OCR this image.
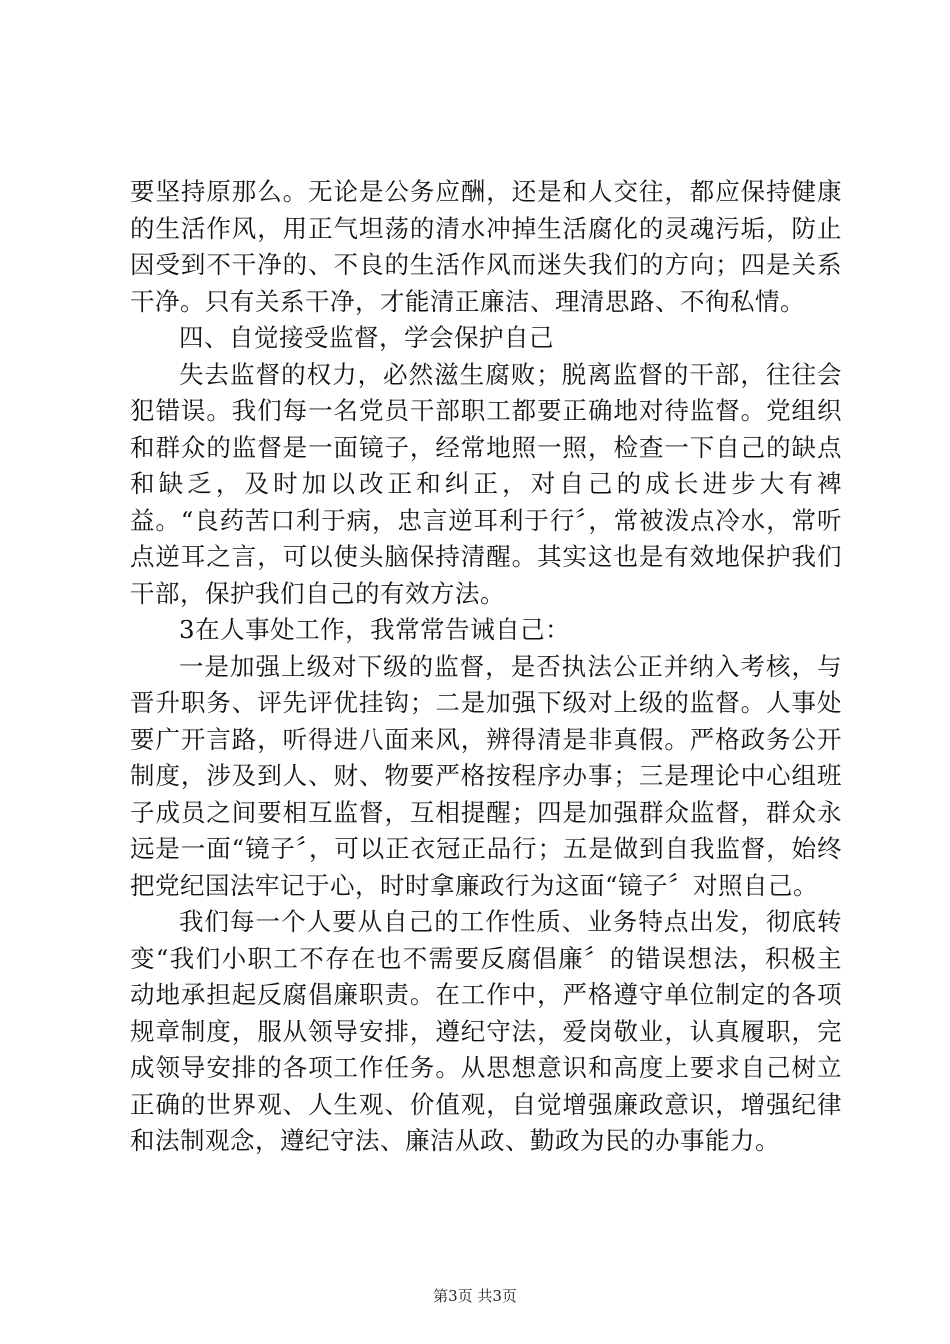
要坚持原那么。无论是公务应酬，还是和人交往，都应保持健康的生活作风，用正气坦荡的清水冲掉生活腐化的灵魂污垢，防止因受到不干净的、不良的生活作风而迷失我们的方向；四是关系干净。只有关系干净，才能清正廉洁、理清思路、不徇私情。

四、自觉接受监督，学会保护自己

失去监督的权力，必然滋生腐败；脱离监督的干部，往往会犯错误。我们每一名党员干部职工都要正确地对待监督。党组织和群众的监督是一面镜子，经常地照一照，检查一下自己的缺点和缺乏，及时加以改正和纠正，对自己的成长进步大有裨益。“良药苦口利于病，忠言逆耳利于行〞，常被泼点冷水，常听点逆耳之言，可以使头脑保持清醒。其实这也是有效地保护我们干部，保护我们自己的有效方法。

3在人事处工作，我常常告诫自己：

一是加强上级对下级的监督，是否执法公正并纳入考核，与晋升职务、评先评优挂钩；二是加强下级对上级的监督。人事处要广开言路，听得进八面来风，辨得清是非真假。严格政务公开制度，涉及到人、财、物要严格按程序办事；三是理论中心组班子成员之间要相互监督，互相提醒；四是加强群众监督，群众永远是一面“镜子〞，可以正衣冠正品行；五是做到自我监督，始终把党纪国法牢记于心，时时拿廉政行为这面“镜子〞对照自己。

我们每一个人要从自己的工作性质、业务特点出发，彻底转变“我们小职工不存在也不需要反腐倡廉〞的错误想法，积极主动地承担起反腐倡廉职责。在工作中，严格遵守单位制定的各项规章制度，服从领导安排，遵纪守法，爱岗敬业，认真履职，完成领导安排的各项工作任务。从思想意识和高度上要求自己树立正确的世界观、人生观、价值观，自觉增强廉政意识，增强纪律和法制观念，遵纪守法、廉洁从政、勤政为民的办事能力。

第3页 共3页
